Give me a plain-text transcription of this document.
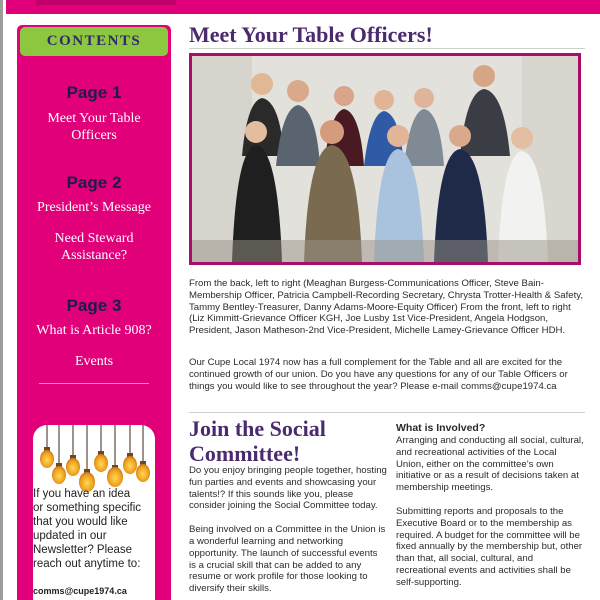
CONTENTS
Page 1
Meet Your Table Officers
Page 2
President’s Message
Need Steward Assistance?
Page 3
What is Article 908?
Events
If you have an idea or something specific that you would like updated in our Newsletter? Please reach out anytime to:
comms@cupe1974.ca
Meet Your Table Officers!
From the back, left to right (Meaghan Burgess-Communications Officer, Steve Bain-Membership Officer, Patricia Campbell-Recording Secretary, Chrysta Trotter-Health & Safety, Tammy Bentley-Treasurer, Danny Adams-Moore-Equity Officer) From the front, left to right (Liz Kimmitt-Grievance Officer KGH, Joe Lusby 1st Vice-President, Angela Hodgson, President, Jason Matheson-2nd Vice-President, Michelle Lamey-Grievance Officer HDH.
Our Cupe Local 1974 now has a full complement for the Table and all are excited for the continued growth of our union. Do you have any questions for any of our Table Officers or things you would like to see throughout the year? Please e-mail comms@cupe1974.ca
Join the Social Committee!

Do you enjoy bringing people together, hosting fun parties and events and showcasing your talents!? If this sounds like you, please consider joining the Social Committee today.

Being involved on a Committee in the Union is a wonderful learning and networking opportunity. The launch of successful events is a crucial skill that can be added to any resume or work profile for those looking to diversify their skills.

What is Involved?

Arranging and conducting all social, cultural, and recreational activities of the Local Union, either on the committee’s own initiative or as a result of decisions taken at membership meetings.

Submitting reports and proposals to the Executive Board or to the membership as required. A budget for the committee will be fixed annually by the membership but, other than that, all social, cultural, and recreational events and activities shall be self-supporting.
